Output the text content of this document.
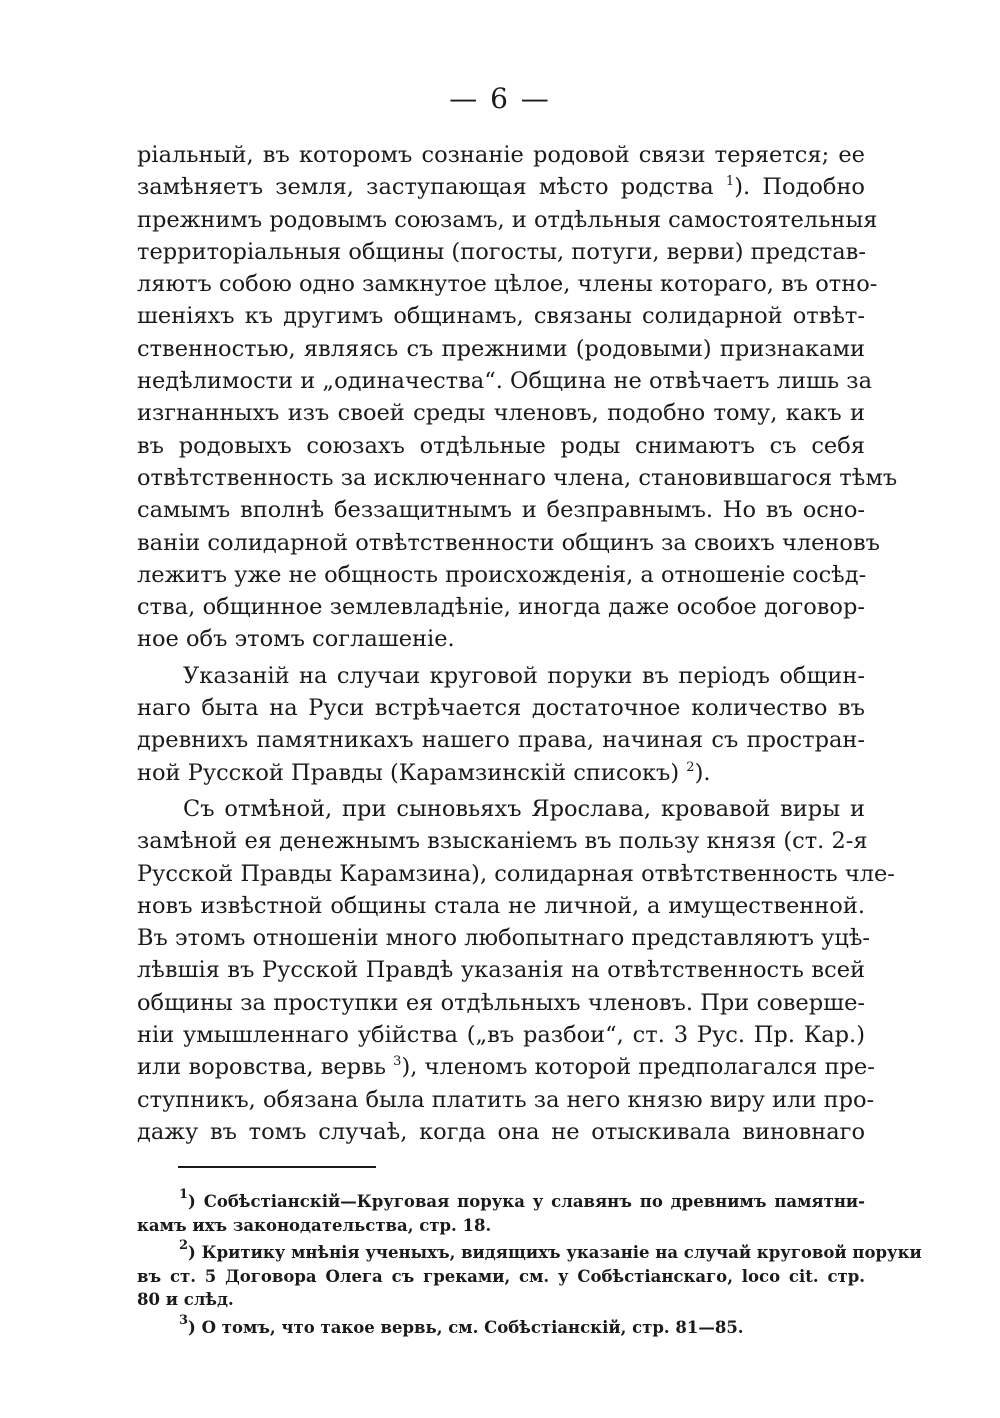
— 6 —
ріальный, въ которомъ сознаніе родовой связи теряется; ее
замѣняетъ земля, заступающая мѣсто родства $^1$). Подобно
прежнимъ родовымъ союзамъ, и отдѣльныя самостоятельныя
территоріальныя общины (погосты, потуги, верви) представ-
ляютъ собою одно замкнутое цѣлое, члены котораго, въ отно-
шеніяхъ къ другимъ общинамъ, связаны солидарной отвѣт-
ственностью, являясь съ прежними (родовыми) признаками
недѣлимости и „одиначества“. Община не отвѣчаетъ лишь за
изгнанныхъ изъ своей среды членовъ, подобно тому, какъ и
въ родовыхъ союзахъ отдѣльные роды снимаютъ съ себя
отвѣтственность за исключеннаго члена, становившагося тѣмъ
самымъ вполнѣ беззащитнымъ и безправнымъ. Но въ осно-
ваніи солидарной отвѣтственности общинъ за своихъ членовъ
лежитъ уже не общность происхожденія, а отношеніе сосѣд-
ства, общинное землевладѣніе, иногда даже особое договор-
ное объ этомъ соглашеніе.
Указаній на случаи круговой поруки въ періодъ общин-
наго быта на Руси встрѣчается достаточное количество въ
древнихъ памятникахъ нашего права, начиная съ простран-
ной Русской Правды (Карамзинскій списокъ) $^2$).
Съ отмѣной, при сыновьяхъ Ярослава, кровавой виры и
замѣной ея денежнымъ взысканіемъ въ пользу князя (ст. 2-я
Русской Правды Карамзина), солидарная отвѣтственность чле-
новъ извѣстной общины стала не личной, а имущественной.
Въ этомъ отношеніи много любопытнаго представляютъ уцѣ-
лѣвшія въ Русской Правдѣ указанія на отвѣтственность всей
общины за проступки ея отдѣльныхъ членовъ. При соверше-
ніи умышленнаго убійства („въ разбои“, ст. 3 Рус. Пр. Кар.)
или воровства, вервь $^3$), членомъ которой предполагался пре-
ступникъ, обязана была платить за него князю виру или про-
дажу въ томъ случаѣ, когда она не отыскивала виновнаго
$^1$) Собѣстіанскій—Круговая порука у славянъ по древнимъ памятни-
камъ ихъ законодательства, стр. 18.
$^2$) Критику мнѣнія ученыхъ, видящихъ указаніе на случай круговой поруки
въ ст. 5 Договора Олега съ греками, см. у Собѣстіанскаго, loco cit. стр.
80 и слѣд.
$^3$) О томъ, что такое вервь, см. Собѣстіанскій, стр. 81—85.
